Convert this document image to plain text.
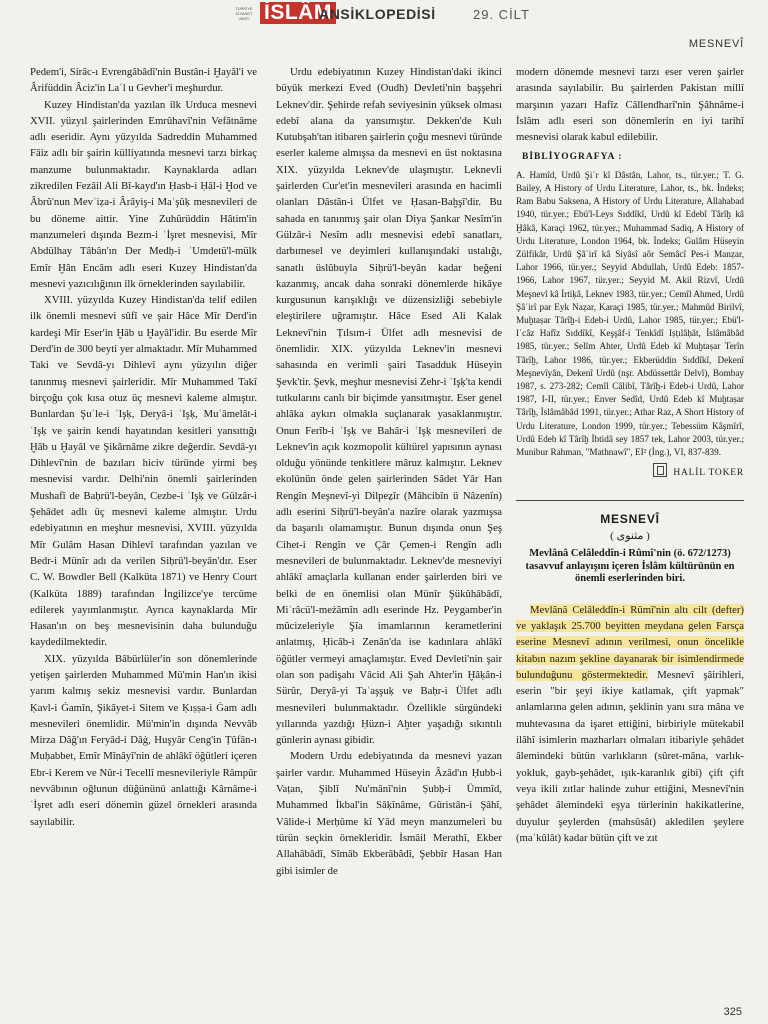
TÜRKİYE DİYANET VAKFI İSLÂM
ANSİKLOPEDİSİ	29. CİLT
MESNEVÎ

Pedem'i, Sirâc-ı Evrengâbâdî'nin Bustân-i Ḫayâl'i ve Ârifüddin Âciz'in Laʿl u Gevher'i meşhurdur.

Kuzey Hindistan'da yazılan ilk Urduca mesnevi XVII. yüzyıl şairlerinden Emrûhavî'nin Vefâtnâme adlı eseridir. Aynı yüzyılda Sadreddin Muhammed Fâiz adlı bir şairin külliyatında mesnevi tarzı birkaç manzume bulunmaktadır. Kaynaklarda adları zikredilen Fezâil Ali Bî-kayd'ın Ḥasb-i Ḥâl-i Ḫod ve Âbrû'nun Mevʿiẓa-i Ârâyiş-i Maʿşûḳ mesnevileri de bu döneme aittir. Yine Zuhûrüddin Hâtim'in manzumeleri dışında Bezm-i ʿİşret mesnevisi, Mîr Abdülhay Tâbân'ın Der Medḥ-i ʿUmdetü'l-mülk Emîr Ḫân Encâm adlı eseri Kuzey Hindistan'da mesnevi yazıcılığının ilk örneklerinden sayılabilir.

XVIII. yüzyılda Kuzey Hindistan'da telif edilen ilk önemli mesnevi sûfî ve şair Hâce Mîr Derd'in kardeşi Mîr Eser'in Ḫâb u Ḫayâl'idir. Bu eserde Mîr Derd'in de 300 beyti yer almaktadır. Mîr Muhammed Taki ve Sevdâ-yı Dihlevî aynı yüzyılın diğer tanınmış mesnevi şairleridir. Mîr Muhammed Takî birçoğu çok kısa otuz üç mesnevi kaleme almıştır. Bunlardan Şuʿle-i ʿIşḳ, Deryâ-i ʿIşḳ, Muʿâmelât-i ʿIşḳ ve şairin kendi hayatından kesitleri yansıttığı Ḫâb u Ḫayâl ve Şikârnâme zikre değerdir. Sevdâ-yı Dihlevî'nin de bazıları hiciv türünde yirmi beş mesnevisi vardır. Delhi'nin önemli şairlerinden Mushafî de Baḥrü'l-beyân, Cezbe-i ʿIşḳ ve Gülzâr-i Şehâdet adlı üç mesnevi kaleme almıştır. Urdu edebiyatının en meşhur mesnevisi, XVIII. yüzyılda Mîr Gulâm Hasan Dihlevî tarafından yazılan ve Bedr-i Münîr adı da verilen Siḥrü'l-beyân'dır. Eser C. W. Bowdler Bell (Kalküta 1871) ve Henry Court (Kalküta 1889) tarafından İngilizce'ye tercüme edilerek yayımlanmıştır. Ayrıca kaynaklarda Mîr Hasan'ın on beş mesnevisinin daha bulunduğu kaydedilmektedir.

XIX. yüzyılda Bâbürlüler'in son dönemlerinde yetişen şairlerden Muhammed Mü'min Han'ın ikisi yarım kalmış sekiz mesnevisi vardır. Bunlardan Ḳavl-i Ġamîn, Şikâyet-i Sitem ve Ḳıṣṣa-i Ġam adlı mesnevileri önemlidir. Mü'min'in dışında Nevvâb Mirza Dâğ'ın Feryâd-i Dâġ, Huşyâr Ceng'in Ṭûfân-ı Muḥabbet, Emîr Mînâyî'nin de ahlâkî öğütleri içeren Ebr-i Kerem ve Nûr-i Tecellî mesnevileriyle Râmpûr nevvâbının oğlunun düğününü anlattığı Kârnâme-i ʿİşret adlı eseri dönemin güzel örnekleri arasında sayılabilir.

Urdu edebiyatının Kuzey Hindistan'daki ikinci büyük merkezi Eved (Oudh) Devleti'nin başşehri Leknev'dir. Şehirde refah seviyesinin yüksek olması edebî alana da yansımıştır. Dekken'de Kulı Kutubşah'tan itibaren şairlerin çoğu mesnevi türünde eserler kaleme almışsa da mesnevi en üst noktasına XIX. yüzyılda Leknev'de ulaşmıştır. Leknevli şairlerden Cur'et'in mesnevileri arasında en hacimli olanları Dâstân-i Ülfet ve Ḥasan-Baḫşî'dir. Bu sahada en tanınmış şair olan Diya Şankar Nesîm'in Gülzâr-i Nesîm adlı mesnevisi edebî sanatları, darbımesel ve deyimleri kullanışındaki ustalığı, sanatlı üslûbuyla Siḥrü'l-beyân kadar beğeni kazanmış, ancak daha sonraki dönemlerde hikâye kurgusunun karışıklığı ve düzensizliği sebebiyle eleştirilere uğramıştır. Hâce Esed Ali Kalak Leknevî'nin Ṭılsım-i Ülfet adlı mesnevisi de önemlidir. XIX. yüzyılda Leknev'in mesnevi sahasında en verimli şairi Tasadduk Hüseyin Şevk'tir. Şevk, meşhur mesnevisi Zehr-i ʿIşḳ'ta kendi tutkularını canlı bir biçimde yansıtmıştır. Eser genel ahlâka aykırı olmakla suçlanarak yasaklanmıştır. Onun Ferîb-i ʿIşḳ ve Bahâr-i ʿIşḳ mesnevileri de Leknev'in açık kozmopolit kültürel yapısının aynası olduğu yönünde tenkitlere mâruz kalmıştır. Leknev ekolünün önde gelen şairlerinden Sâdet Yâr Han Rengîn Meşnevî-yi Dilpeẕîr (Mâhcibîn ü Nâzenîn) adlı eserini Siḥrü'l-beyân'a nazîre olarak yazmışsa da başarılı olamamıştır. Bunun dışında onun Şeş Cihet-i Rengîn ve Çâr Çemen-i Rengîn adlı mesnevileri de bulunmaktadır. Leknev'de mesneviyi ahlâkî amaçlarla kullanan ender şairlerden biri ve belki de en önemlisi olan Münîr Şükûhâbâdî, Miʿrâcü'l-meżâmîn adlı eserinde Hz. Peygamber'in mûcizeleriyle Şîa imamlarının kerametlerini anlatmış, Ḥicâb-i Zenân'da ise kadınlara ahlâkî öğütler vermeyi amaçlamıştır. Eved Devleti'nin şair olan son padişahı Vâcid Ali Şah Ahter'in Ḫâḳân-i Sürûr, Deryâ-yi Taʿaşşuḳ ve Baḥr-i Ülfet adlı mesnevileri bulunmaktadır. Özellikle sürgündeki yıllarında yazdığı Ḥüzn-i Aḫter yaşadığı sıkıntılı günlerin aynası gibidir.

Modern Urdu edebiyatında da mesnevi yazan şairler vardır. Muhammed Hüseyin Âzâd'ın Ḥubb-i Vaṭan, Şiblî Nu'mânî'nin Ṣubḥ-i Ümmîd, Muhammed İkbal'in Sâḳînâme, Gûristân-i Şâhî, Vâlide-i Merḥûme kî Yâd meyn manzumeleri bu türün seçkin örnekleridir. İsmâil Merathî, Ekber Allahâbâdî, Sîmâb Ekberâbâdî, Şebbîr Hasan Han gibi isimler de

modern dönemde mesnevi tarzı eser veren şairler arasında sayılabilir. Bu şairlerden Pakistan millî marşının yazarı Hafîz Câllendharî'nin Şâhnâme-i İslâm adlı eseri son dönemlerin en iyi tarihî mesnevisi olarak kabul edilebilir.

BİBLİYOGRAFYA :
A. Hamîd, Urdû Şiʿr kî Dâstân, Lahor, ts., tür.yer.; T. G. Bailey, A History of Urdu Literature, Lahor, ts., bk. İndeks; Ram Babu Saksena, A History of Urdu Literature, Allahabad 1940, tür.yer.; Ebü'l-Leys Sıddîkî, Urdû kî Edebî Târîḫ kâ Ḫâkâ, Karaçi 1962, tür.yer.; Muhammad Sadiq, A History of Urdu Literature, London 1964, bk. İndeks; Gulâm Hüseyin Zülfikâr, Urdû Şâʿirî kâ Siyâsî aôr Semâcî Pes-i Manẓar, Lahor 1966, tür.yer.; Seyyid Abdullah, Urdû Edeb: 1857-1966, Lahor 1967, tür.yer.; Seyyid M. Akil Rizvî, Urdû Meşnevî kâ İrtiḳâ, Leknev 1983, tür.yer.; Cemîl Ahmed, Urdû Şâʿirî par Eyk Naẓar, Karaçi 1985, tür.yer.; Mahmûd Birilvî, Muḫtaṣar Târîḫ-i Edeb-i Urdû, Lahor 1985, tür.yer.; Ebü'l-Iʿcâz Hafîz Sıddîkî, Keşşâf-i Tenkîdî Iṣṭılâḥât, İslâmâbâd 1985, tür.yer.; Selîm Ahter, Urdû Edeb kî Muḫtaṣar Terîn Târîḫ, Lahor 1986, tür.yer.; Ekberüddin Sıddîkî, Dekenî Meşnevîyân, Dekenî Urdû (nşr. Abdüssettâr Delvî), Bombay 1987, s. 273-282; Cemîl Câlibî, Târîḫ-i Edeb-i Urdû, Lahor 1987, I-II, tür.yer.; Enver Sedîd, Urdû Edeb kî Muḫtaṣar Târîḫ, İslâmâbâd 1991, tür.yer.; Athar Raz, A Short History of Urdu Literature, London 1999, tür.yer.; Tebessüm Kâşmîrî, Urdû Edeb kî Târîḫ İbtidâ sey 1857 tek, Lahor 2003, tür.yer.; Munibur Rahman, "Mathnawî", EI² (İng.), VI, 837-839.
HALİL TOKER
MESNEVÎ
( مثنوی )
Mevlânâ Celâleddîn-i Rûmî'nin (ö. 672/1273) tasavvuf anlayışını içeren İslâm kültürünün en önemli eserlerinden biri.

Mevlânâ Celâleddîn-i Rûmî'nin altı cilt (defter) ve yaklaşık 25.700 beyitten meydana gelen Farsça eserine Mesnevî adının verilmesi, onun öncelikle kitabın nazım şekline dayanarak bir isimlendirmede bulunduğunu göstermektedir. Mesnevî şâirihleri, eserin "bir şeyi ikiye katlamak, çift yapmak" anlamlarına gelen adının, şeklinin yanı sıra mâna ve muhtevasına da işaret ettiğini, birbiriyle mütekabil ilâhî isimlerin mazharları olmaları itibariyle şehâdet âlemindeki bütün varlıkların (sûret-mâna, varlık-yokluk, gayb-şehâdet, ışık-karanlık gibi) çift çift veya ikili zıtlar halinde zuhur ettiğini, Mesnevî'nin şehâdet âlemindeki eşya türlerinin hakikatlerine, duyulur şeylerden (mahsûsât) akledilen şeylere (maʿkûlât) kadar bütün çift ve zıt

325
